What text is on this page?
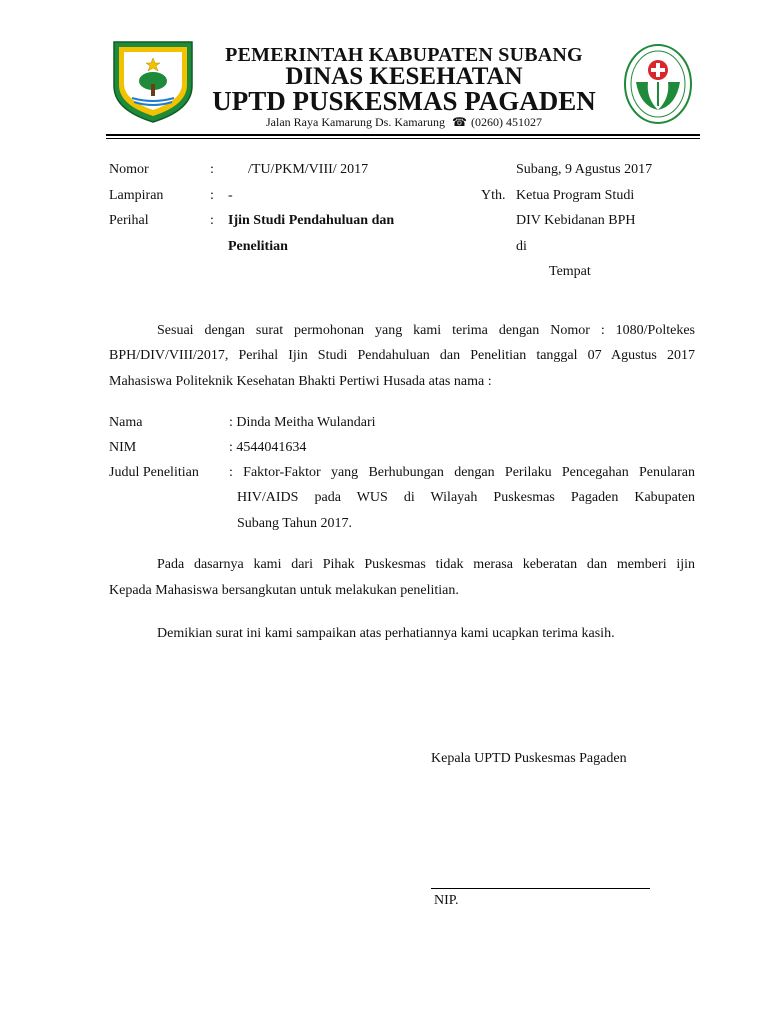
PEMERINTAH KABUPATEN SUBANG
DINAS KESEHATAN
UPTD PUSKESMAS PAGADEN
Jalan Raya Kamarung Ds. Kamarung ☎ (0260) 451027
Nomor	: /TU/PKM/VIII/ 2017
Lampiran	: -
Perihal	: Ijin Studi Pendahuluan dan
Penelitian
Subang, 9 Agustus 2017
Yth. Ketua Program Studi
DIV Kebidanan BPH
di
Tempat
Sesuai dengan surat permohonan yang kami terima dengan Nomor : 1080/Poltekes
BPH/DIV/VIII/2017, Perihal Ijin Studi Pendahuluan dan Penelitian tanggal 07 Agustus 2017
Mahasiswa Politeknik Kesehatan Bhakti Pertiwi Husada atas nama :
Nama	: Dinda Meitha Wulandari
NIM	: 4544041634
Judul Penelitian : Faktor-Faktor yang Berhubungan dengan Perilaku Pencegahan Penularan
HIV/AIDS pada WUS di Wilayah Puskesmas Pagaden Kabupaten
Subang Tahun 2017.
Pada dasarnya kami dari Pihak Puskesmas tidak merasa keberatan dan memberi ijin
Kepada Mahasiswa bersangkutan untuk melakukan penelitian.
Demikian surat ini kami sampaikan atas perhatiannya kami ucapkan terima kasih.
Kepala UPTD Puskesmas Pagaden
NIP.
